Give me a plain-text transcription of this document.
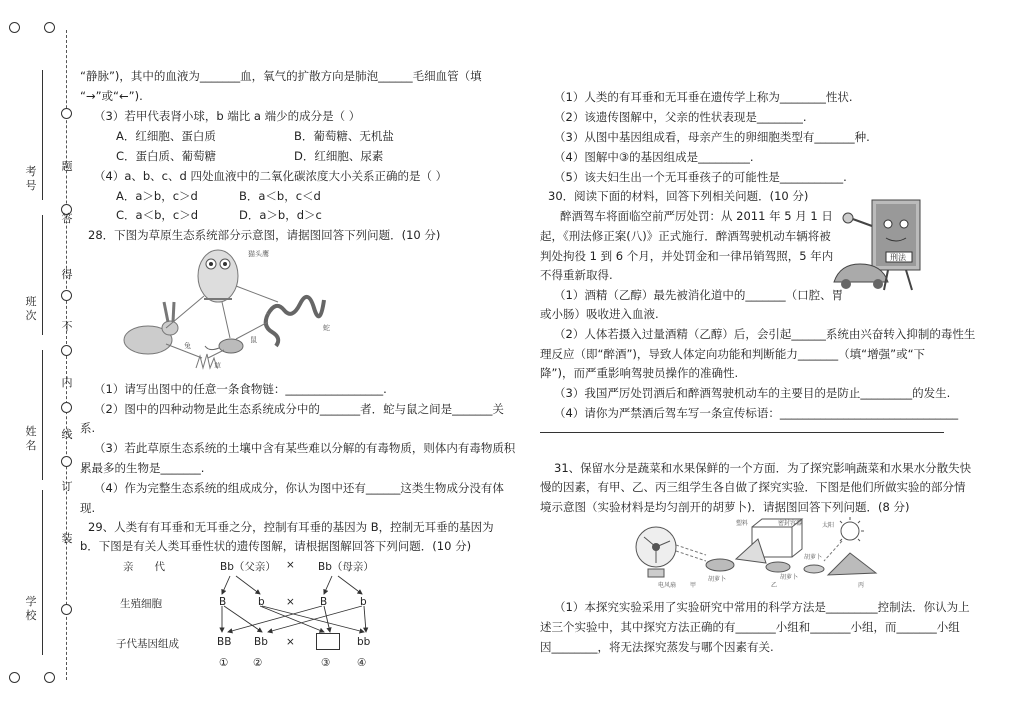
考号
班次
姓名
学校
题
答
得
不
内
线
订
装
“静脉”)，其中的血液为_______血，氧气的扩散方向是肺泡______毛细血管（填
“→”或“←”).
（3）若甲代表肾小球，b 端比 a 端少的成分是（ ）
A．红细胞、蛋白质	B．葡萄糖、无机盐
C．蛋白质、葡萄糖	D．红细胞、尿素
（4）a、b、c、d 四处血液中的二氧化碳浓度大小关系正确的是（ ）
A．a＞b，c＞d	B．a＜b，c＜d
C．a＜b，c＞d	D．a＞b，d＞c
28．下图为草原生态系统部分示意图，请据图回答下列问题．(10 分)
猫头鹰
蛇
兔
鼠
草
（1）请写出图中的任意一条食物链：_________________.
（2）图中的四种动物是此生态系统成分中的_______者．蛇与鼠之间是_______关
系.
（3）若此草原生态系统的土壤中含有某些难以分解的有毒物质，则体内有毒物质积
累最多的生物是_______.
（4）作为完整生态系统的组成成分，你认为图中还有______这类生物成分没有体
现.
29、人类有有耳垂和无耳垂之分，控制有耳垂的基因为 B，控制无耳垂的基因为
b．下图是有关人类耳垂性状的遗传图解，请根据图解回答下列问题．(10 分)
亲　　代	Bb（父亲） × Bb（母亲）
生殖细胞	B	b × B	b
子代基因组成	BB Bb ×	bb
① ②	③	④
（1）人类的有耳垂和无耳垂在遗传学上称为________性状.
（2）该遗传图解中，父亲的性状表现是________.
（3）从图中基因组成看，母亲产生的卵细胞类型有_______种.
（4）图解中③的基因组成是_________.
（5）该夫妇生出一个无耳垂孩子的可能性是___________.
30．阅读下面的材料，回答下列相关问题．(10 分)
醉酒驾车将面临空前严厉处罚：从 2011 年 5 月 1 日
起，《刑法修正案(八)》正式施行．醉酒驾驶机动车辆将被
判处拘役 1 到 6 个月，并处罚金和一律吊销驾照，5 年内
不得重新取得.
刑法
（1）酒精（乙醇）最先被消化道中的_______（口腔、胃
或小肠）吸收进入血液.
（2）人体若摄入过量酒精（乙醇）后，会引起______系统由兴奋转入抑制的毒性生
理反应（即“醉酒”)，导致人体定向功能和判断能力_______（填“增强”或“下
降”)，而严重影响驾驶员操作的准确性.
（3）我国严厉处罚酒后和醉酒驾驶机动车的主要目的是防止_________的发生.
（4）请你为严禁酒后驾车写一条宣传标语：_______________________________
31、保留水分是蔬菜和水果保鲜的一个方面．为了探究影响蔬菜和水果水分散失快
慢的因素，有甲、乙、丙三组学生各自做了探究实验．下图是他们所做实验的部分情
境示意图（实验材料是均匀剖开的胡萝卜)．请据图回答下列问题．(8 分)
电风扇 甲
胡萝卜
塑料	密封容器
乙
胡萝卜
太阳
胡萝卜
丙
（1）本探究实验采用了实验研究中常用的科学方法是_________控制法．你认为上
述三个实验中，其中探究方法正确的有_______小组和_______小组，而_______小组
因________，将无法探究蒸发与哪个因素有关.
